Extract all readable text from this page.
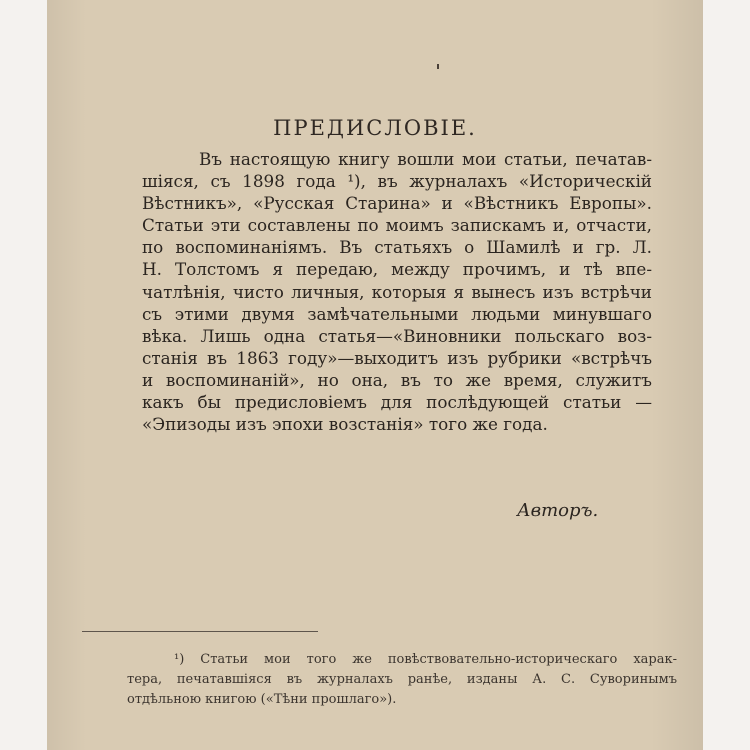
ПРЕДИСЛОВІЕ.
Въ настоящую книгу вошли мои статьи, печатав-
шіяся, съ 1898 года ¹), въ журналахъ «Историческій
Вѣстникъ», «Русская Старина» и «Вѣстникъ Европы».
Статьи эти составлены по моимъ запискамъ и, отчасти,
по воспоминаніямъ. Въ статьяхъ о Шамилѣ и гр. Л.
Н. Толстомъ я передаю, между прочимъ, и тѣ впе-
чатлѣнія, чисто личныя, которыя я вынесъ изъ встрѣчи
съ этими двумя замѣчательными людьми минувшаго
вѣка. Лишь одна статья—«Виновники польскаго воз-
станія въ 1863 году»—выходитъ изъ рубрики «встрѣчъ
и воспоминаній», но она, въ то же время, служитъ
какъ бы предисловіемъ для послѣдующей статьи —
«Эпизоды изъ эпохи возстанія» того же года.
Авторъ.
¹) Статьи мои того же повѣствовательно-историческаго харак-
тера, печатавшіяся въ журналахъ ранѣе, изданы А. С. Суворинымъ
отдѣльною книгою («Тѣни прошлаго»).
